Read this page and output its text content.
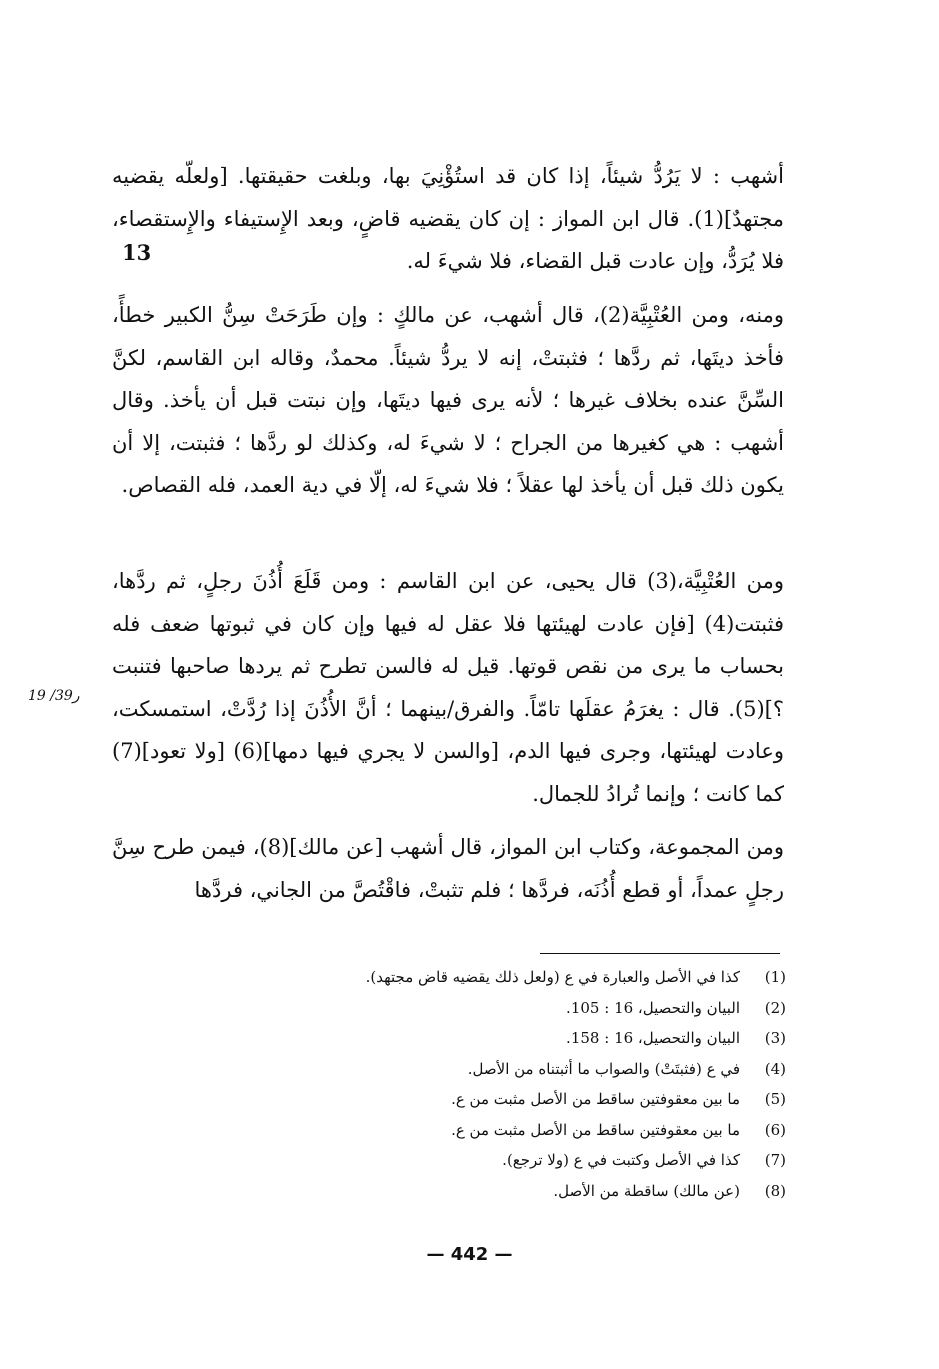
أشهب : لا يَرُدُّ شيئاً، إذا كان قد استُؤْنِيَ بها، وبلغت حقيقتها. [ولعلّه يقضيه مجتهدٌ](1). قال ابن المواز : إن كان يقضيه قاضٍ، وبعد الإِستيفاء والإِستقصاء، فلا يُرَدُّ، وإن عادت قبل القضاء، فلا شيءَ له.

13

ومنه، ومن العُتْبِيَّة(2)، قال أشهب، عن مالكٍ : وإن طَرَحَتْ سِنُّ الكبير خطأً، فأخذ ديتَها، ثم ردَّها ؛ فثبتتْ، إنه لا يردُّ شيئاً. محمدٌ، وقاله ابن القاسم، لكنَّ السِّنَّ عنده بخلاف غيرها ؛ لأنه يرى فيها ديتَها، وإن نبتت قبل أن يأخذ. وقال أشهب : هي كغيرها من الجراح ؛ لا شيءَ له، وكذلك لو ردَّها ؛ فثبتت، إلا أن يكون ذلك قبل أن يأخذ لها عقلاً ؛ فلا شيءَ له، إلّا في دية العمد، فله القصاص.

ومن العُتْبِيَّة،(3) قال يحيى، عن ابن القاسم : ومن قَلَعَ أُذُنَ رجلٍ، ثم ردَّها، فثبتت(4) [فإن عادت لهيئتها فلا عقل له فيها وإن كان في ثبوتها ضعف فله بحساب ما يرى من نقص قوتها. قيل له فالسن تطرح ثم يردها صاحبها فتنبت ؟](5). قال : يغرَمُ عقلَها تامّاً. والفرق/بينهما ؛ أنَّ الأُذُنَ إذا رُدَّتْ، استمسكت، وعادت لهيئتها، وجرى فيها الدم، [والسن لا يجري فيها دمها](6) [ولا تعود](7) كما كانت ؛ وإنما تُرادُ للجمال.

19 /39ر

ومن المجموعة، وكتاب ابن المواز، قال أشهب [عن مالك](8)، فيمن طرح سِنَّ رجلٍ عمداً، أو قطع أُذُنَه، فردَّها ؛ فلم تثبتْ، فاقْتُصَّ من الجاني، فردَّها

(1)
كذا في الأصل والعبارة في ع (ولعل ذلك يقضيه قاض مجتهد).
(2)
البيان والتحصيل، 16 : 105.
(3)
البيان والتحصيل، 16 : 158.
(4)
في ع (فثبتَتْ) والصواب ما أثبتناه من الأصل.
(5)
ما بين معقوفتين ساقط من الأصل مثبت من ع.
(6)
ما بين معقوفتين ساقط من الأصل مثبت من ع.
(7)
كذا في الأصل وكتبت في ع (ولا ترجع).
(8)
(عن مالك) ساقطة من الأصل.
— 442 —
